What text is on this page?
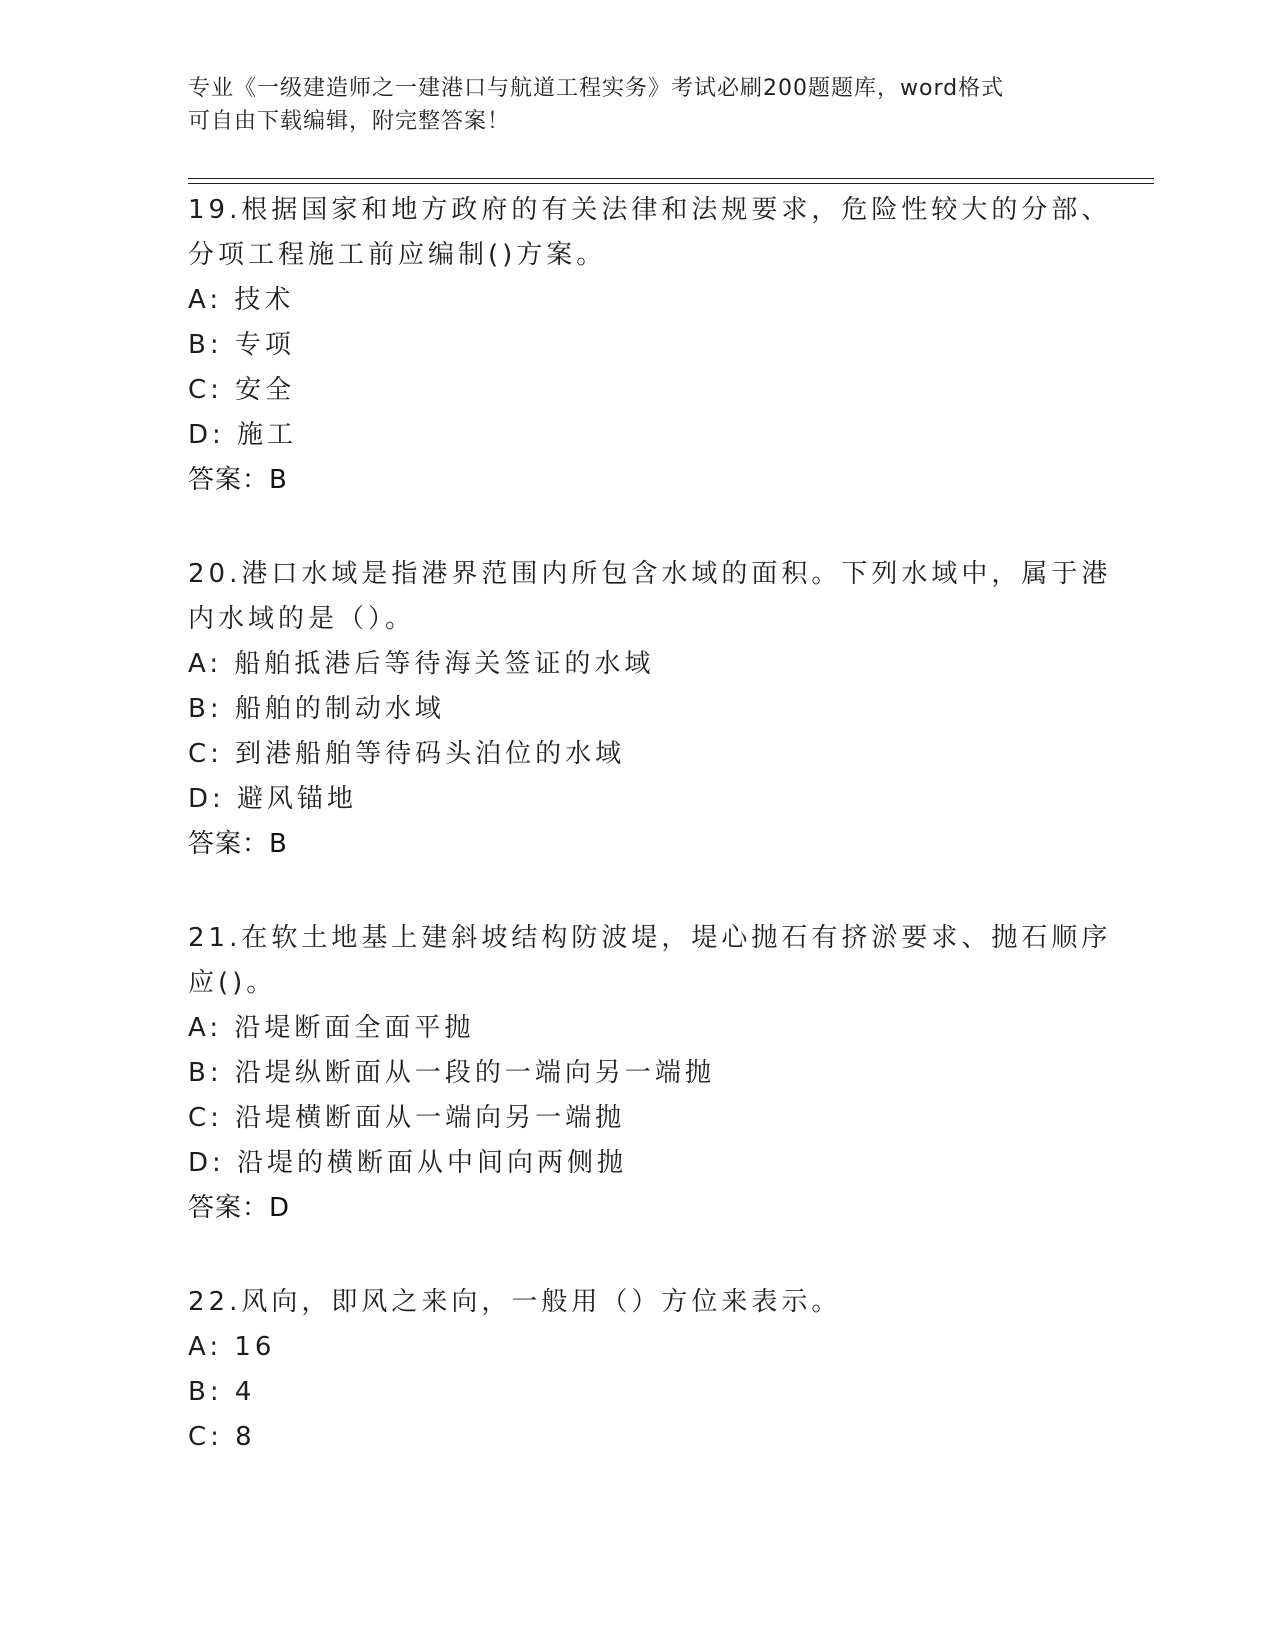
专业《一级建造师之一建港口与航道工程实务》考试必刷200题题库，word格式
可自由下载编辑，附完整答案！
19.根据国家和地方政府的有关法律和法规要求，危险性较大的分部、
分项工程施工前应编制()方案。
A: 技术
B: 专项
C: 安全
D: 施工
答案：B
20.港口水域是指港界范围内所包含水域的面积。下列水域中，属于港
内水域的是（）。
A: 船舶抵港后等待海关签证的水域
B: 船舶的制动水域
C: 到港船舶等待码头泊位的水域
D: 避风锚地
答案：B
21.在软土地基上建斜坡结构防波堤，堤心抛石有挤淤要求、抛石顺序
应()。
A: 沿堤断面全面平抛
B: 沿堤纵断面从一段的一端向另一端抛
C: 沿堤横断面从一端向另一端抛
D: 沿堤的横断面从中间向两侧抛
答案：D
22.风向，即风之来向，一般用（）方位来表示。
A: 16
B: 4
C: 8
